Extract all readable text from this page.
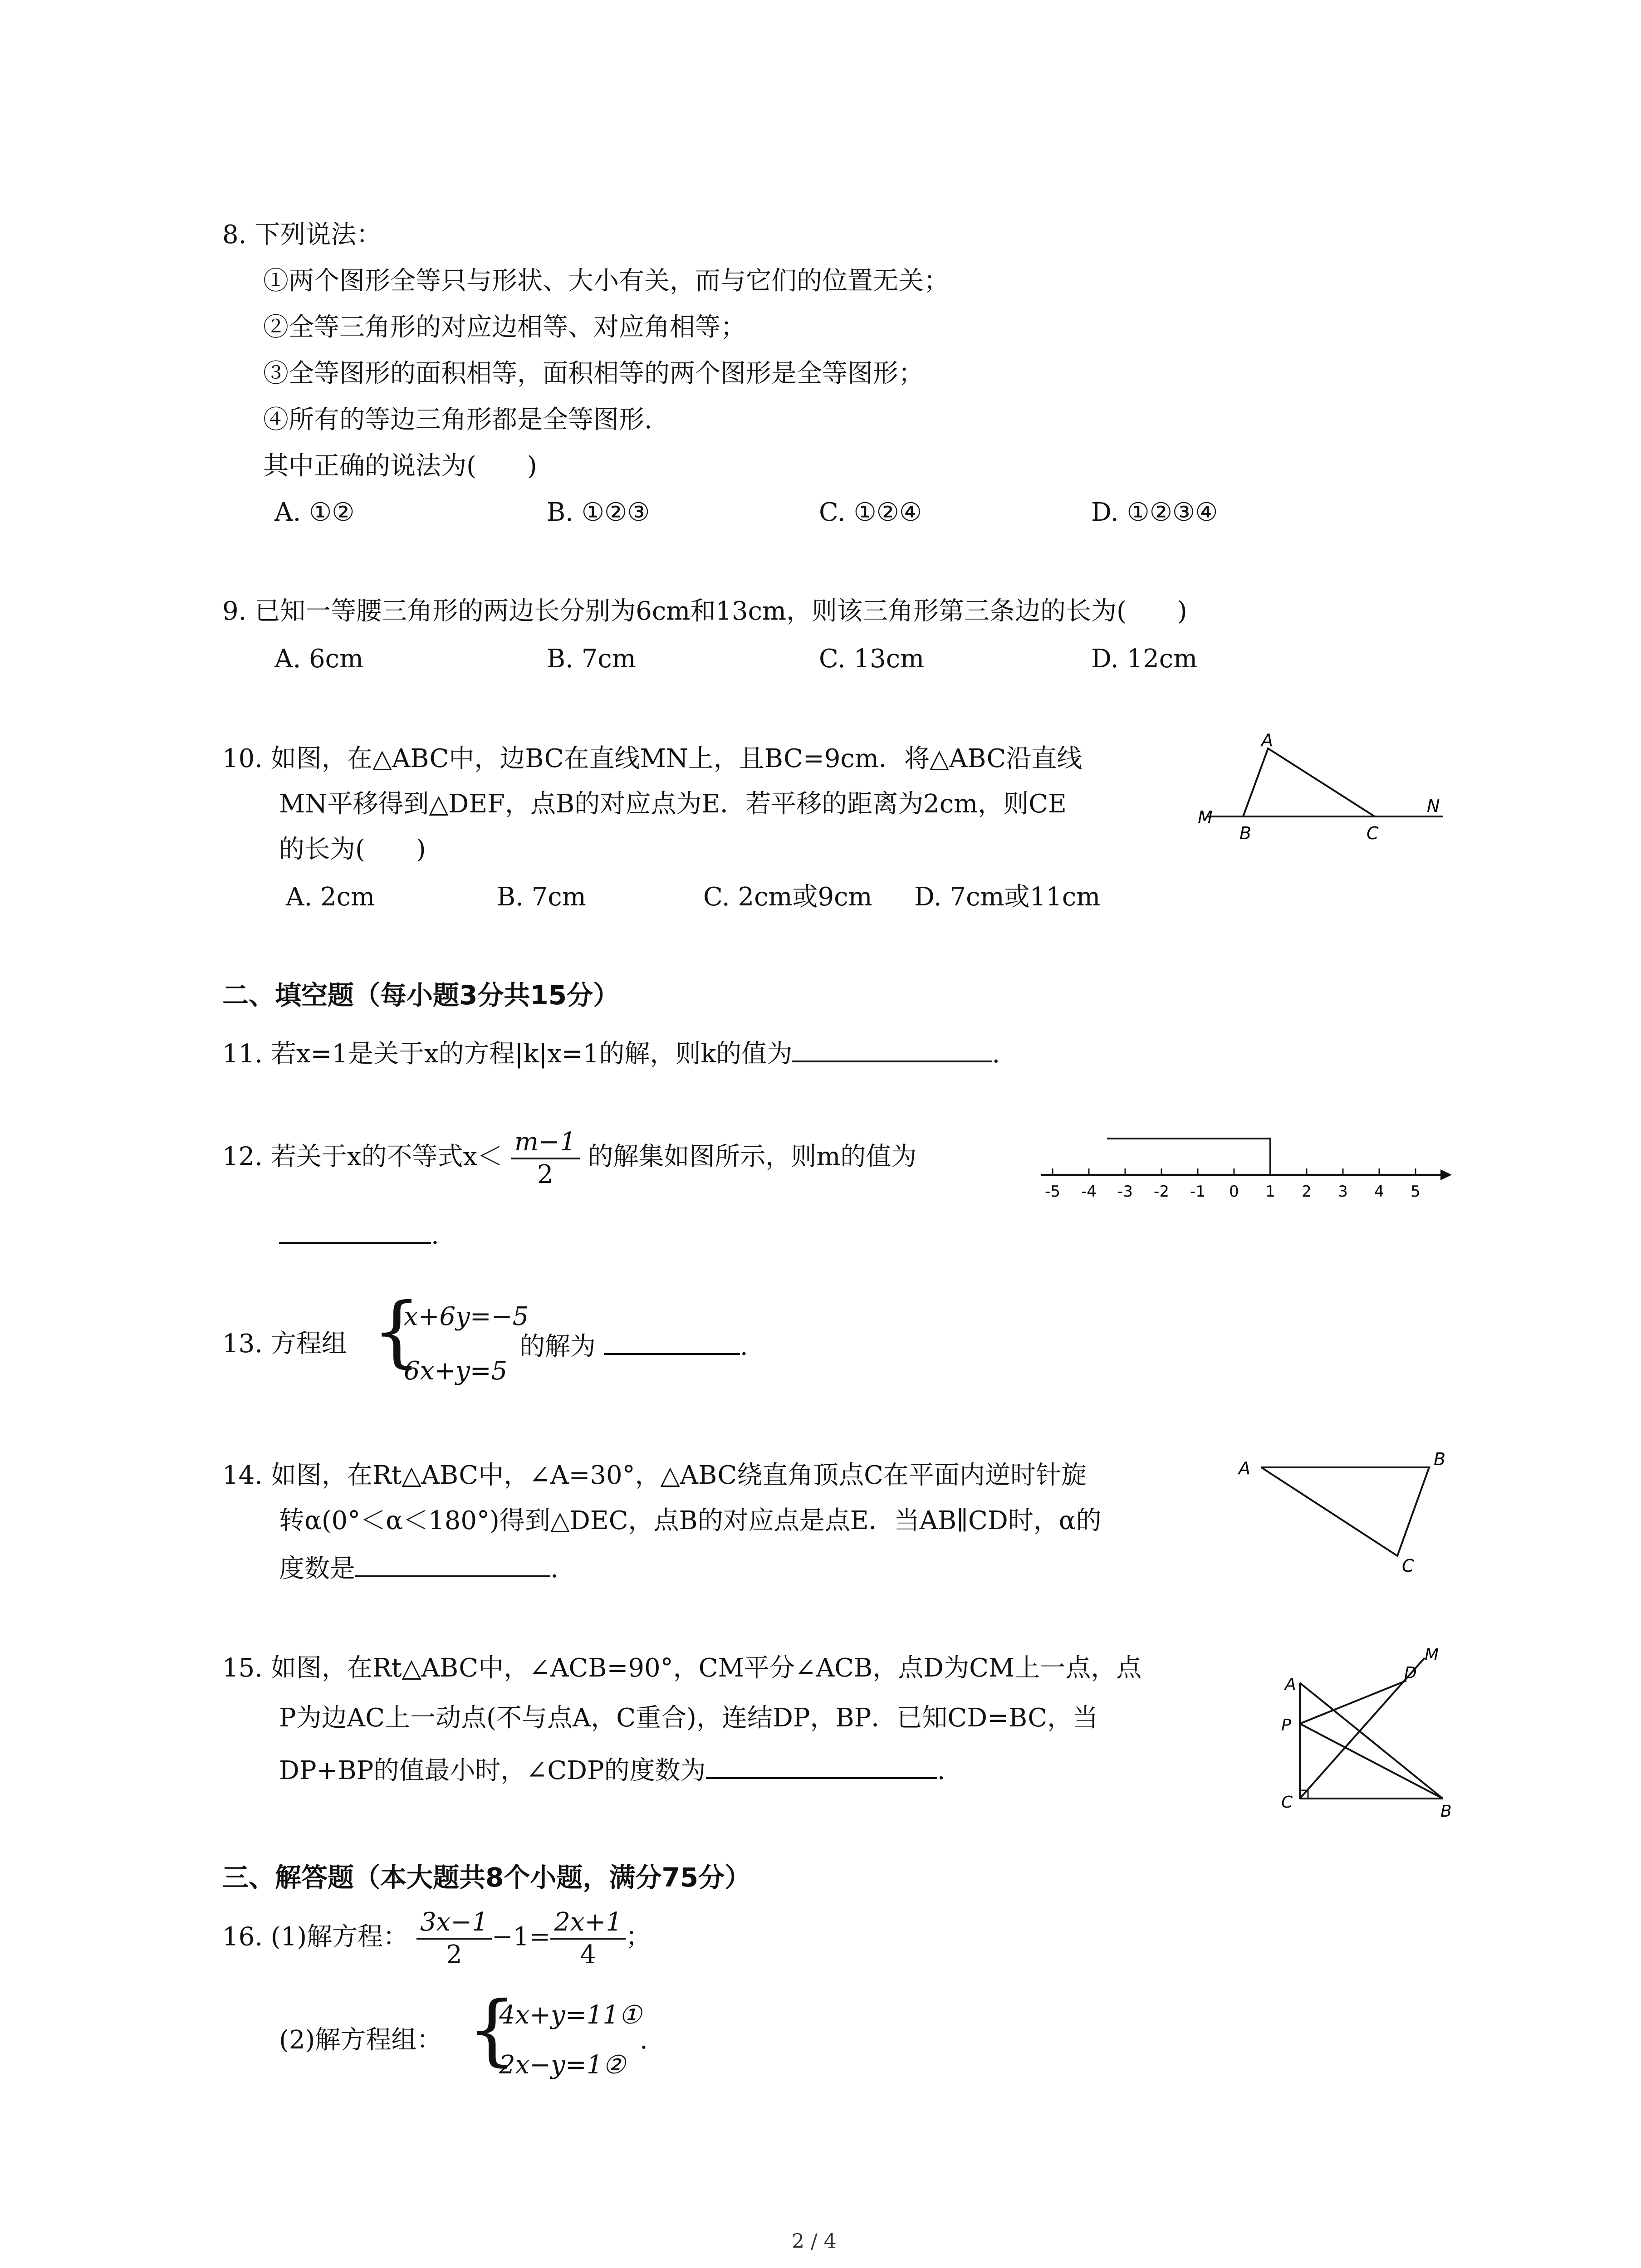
8. 下列说法：
①两个图形全等只与形状、大小有关，而与它们的位置无关；
②全等三角形的对应边相等、对应角相等；
③全等图形的面积相等，面积相等的两个图形是全等图形；
④所有的等边三角形都是全等图形.
其中正确的说法为(　　)
A. ①②	B. ①②③	C. ①②④	D. ①②③④
9. 已知一等腰三角形的两边长分别为6cm和13cm，则该三角形第三条边的长为(　　)
A. 6cm	B. 7cm	C. 13cm	D. 12cm
10. 如图，在△ABC中，边BC在直线MN上，且BC=9cm．将△ABC沿直线
MN平移得到△DEF，点B的对应点为E．若平移的距离为2cm，则CE
的长为(　　)
A. 2cm	B. 7cm	C. 2cm或9cm D. 7cm或11cm
A
B	C
M
N
二、填空题（每小题3分共15分）
11. 若x=1是关于x的方程|k|x=1的解，则k的值为	.
12. 若关于x的不等式$x< \frac{m-1}{2}$ 的解集如图所示，则m的值为
.
-5 -4 -3 -2 -1 0 1 2 3 4 5
13. 方程组 {
x+6y=−5
6x+y=5
的解为	.
14. 如图，在Rt△ABC中，∠A=30°，△ABC绕直角顶点C在平面内逆时针旋
转α(0°＜α＜180°)得到△DEC，点B的对应点是点E．当AB∥CD时，α的
度数是	.
A	B
C
15. 如图，在Rt△ABC中，∠ACB=90°，CM平分∠ACB，点D为CM上一点，点
P为边AC上一动点(不与点A，C重合)，连结DP，BP．已知CD=BC，当
DP+BP的值最小时，∠CDP的度数为	.
A
P
C	B
D
M
三、解答题（本大题共8个小题，满分75分）
16. (1)解方程： $\frac{3x-1}{2} -1= \frac{2x+1}{4}$ ；
(2)解方程组： {
4x+y=11①
2x−y=1②
.
2 / 4
